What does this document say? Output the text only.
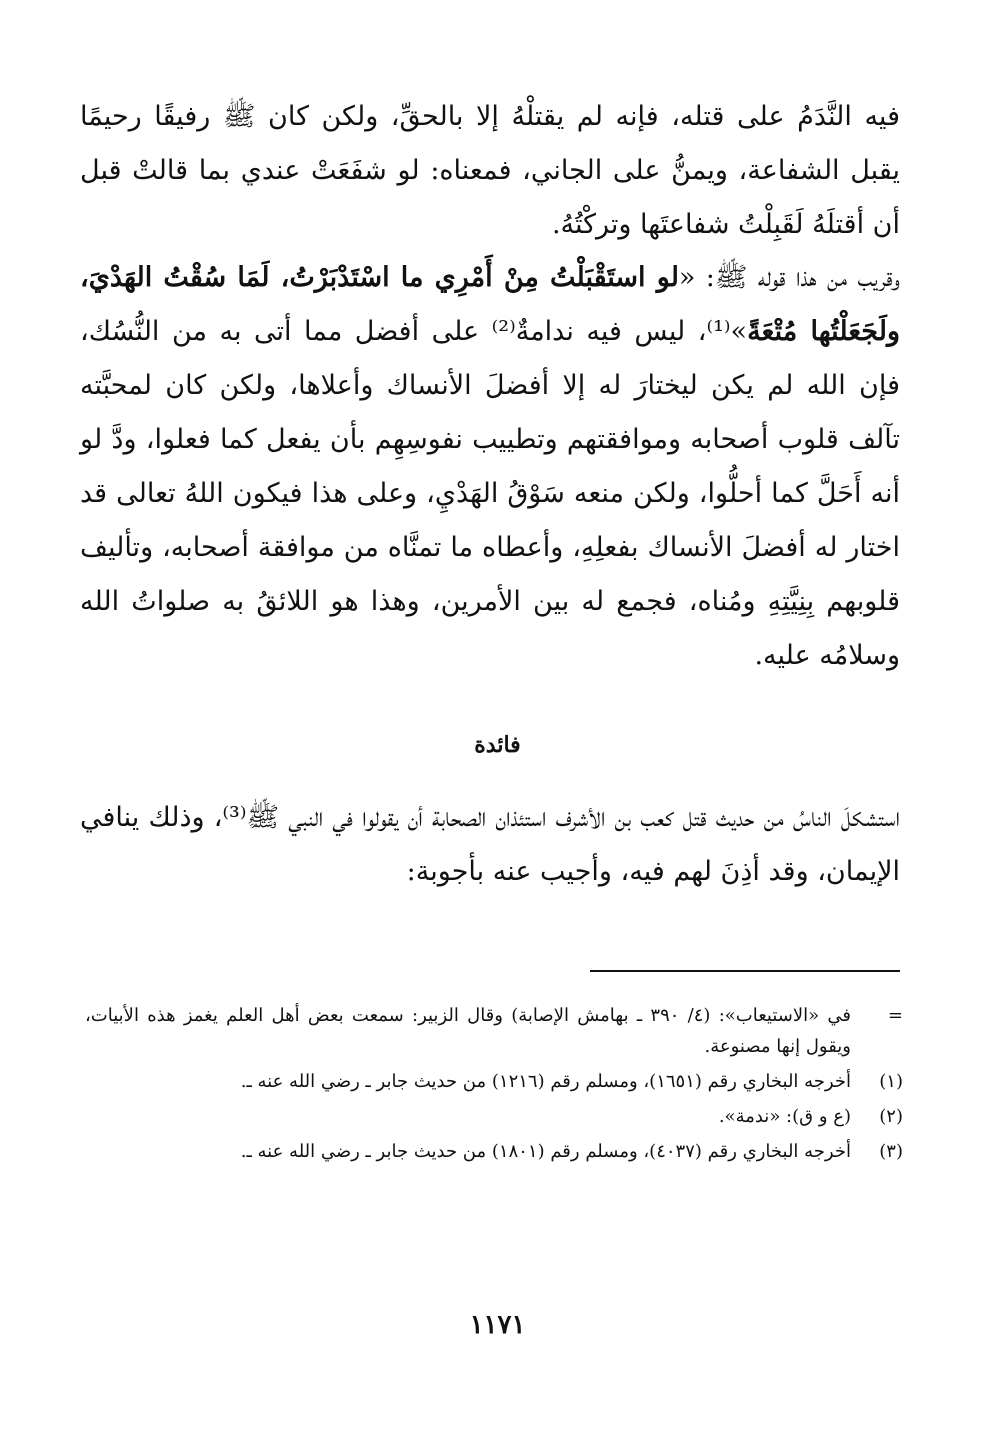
فيه النَّدَمُ على قتله، فإنه لم يقتلْهُ إلا بالحقِّ، ولكن كان ﷺ رفيقًا رحيمًا يقبل الشفاعة، ويمنُّ على الجاني، فمعناه: لو شفَعَتْ عندي بما قالتْ قبل أن أقتلَهُ لَقَبِلْتُ شفاعتَها وتركْتُهُ.

وقريب من هذا قوله ﷺ: «لو استَقْبَلْتُ مِنْ أَمْرِي ما اسْتَدْبَرْتُ، لَمَا سُقْتُ الهَدْيَ، ولَجَعَلْتُها مُتْعَةً»⁽¹⁾، ليس فيه ندامةٌ⁽²⁾ على أفضل مما أتى به من النُّسُك، فإن الله لم يكن ليختارَ له إلا أفضلَ الأنساك وأعلاها، ولكن كان لمحبَّته تآلف قلوب أصحابه وموافقتهم وتطييب نفوسِهِم بأن يفعل كما فعلوا، ودَّ لو أنه أَحَلَّ كما أحلُّوا، ولكن منعه سَوْقُ الهَدْيِ، وعلى هذا فيكون اللهُ تعالى قد اختار له أفضلَ الأنساك بفعلِهِ، وأعطاه ما تمنَّاه من موافقة أصحابه، وتأليف قلوبهم بِنِيَّتِهِ ومُناه، فجمع له بين الأمرين، وهذا هو اللائقُ به صلواتُ الله وسلامُه عليه.

فائدة

استشكلَ الناسُ من حديث قتل كعب بن الأشرف استئذان الصحابة أن يقولوا في النبي ﷺ⁽³⁾، وذلك ينافي الإيمان، وقد أذِنَ لهم فيه، وأجيب عنه بأجوبة:

=
في «الاستيعاب»: (٤/ ٣٩٠ ـ بهامش الإصابة) وقال الزبير: سمعت بعض أهل العلم يغمز هذه الأبيات، ويقول إنها مصنوعة.
(١)
أخرجه البخاري رقم (١٦٥١)، ومسلم رقم (١٢١٦) من حديث جابر ـ رضي الله عنه ـ.
(٢)
(ع و ق): «ندمة».
(٣)
أخرجه البخاري رقم (٤٠٣٧)، ومسلم رقم (١٨٠١) من حديث جابر ـ رضي الله عنه ـ.
١١٧١
